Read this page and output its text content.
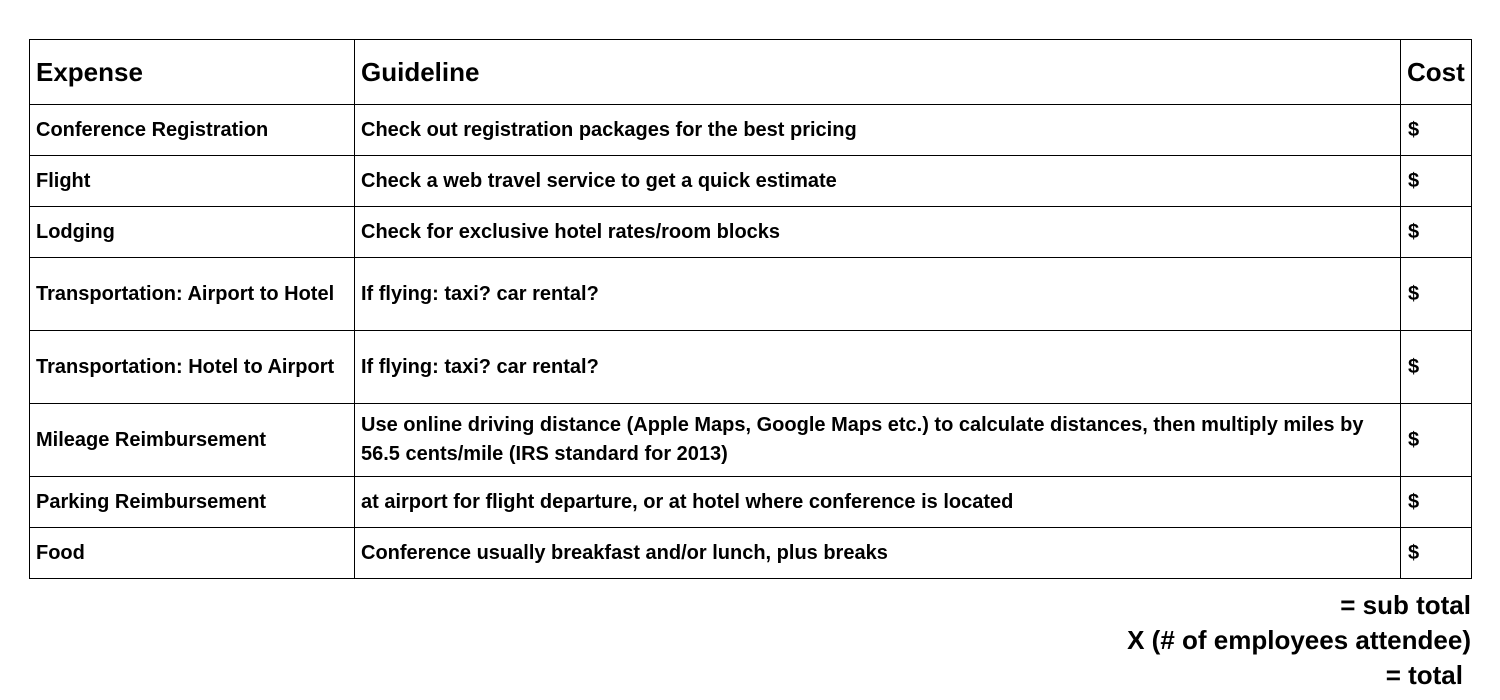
Expense	Guideline	Cost
Conference Registration	Check out registration packages for the best pricing	$
Flight	Check a web travel service to get a quick estimate	$
Lodging	Check for exclusive hotel rates/room blocks	$
Transportation: Airport to Hotel	If flying: taxi? car rental?	$
Transportation: Hotel to Airport	If flying: taxi? car rental?	$
Mileage Reimbursement	Use online driving distance (Apple Maps, Google Maps etc.) to calculate distances, then multiply miles by 56.5 cents/mile (IRS standard for 2013)	$
Parking Reimbursement	at airport for flight departure, or at hotel where conference is located	$
Food	Conference usually breakfast and/or lunch, plus breaks	$
= sub total
X (# of employees attendee)
= total
